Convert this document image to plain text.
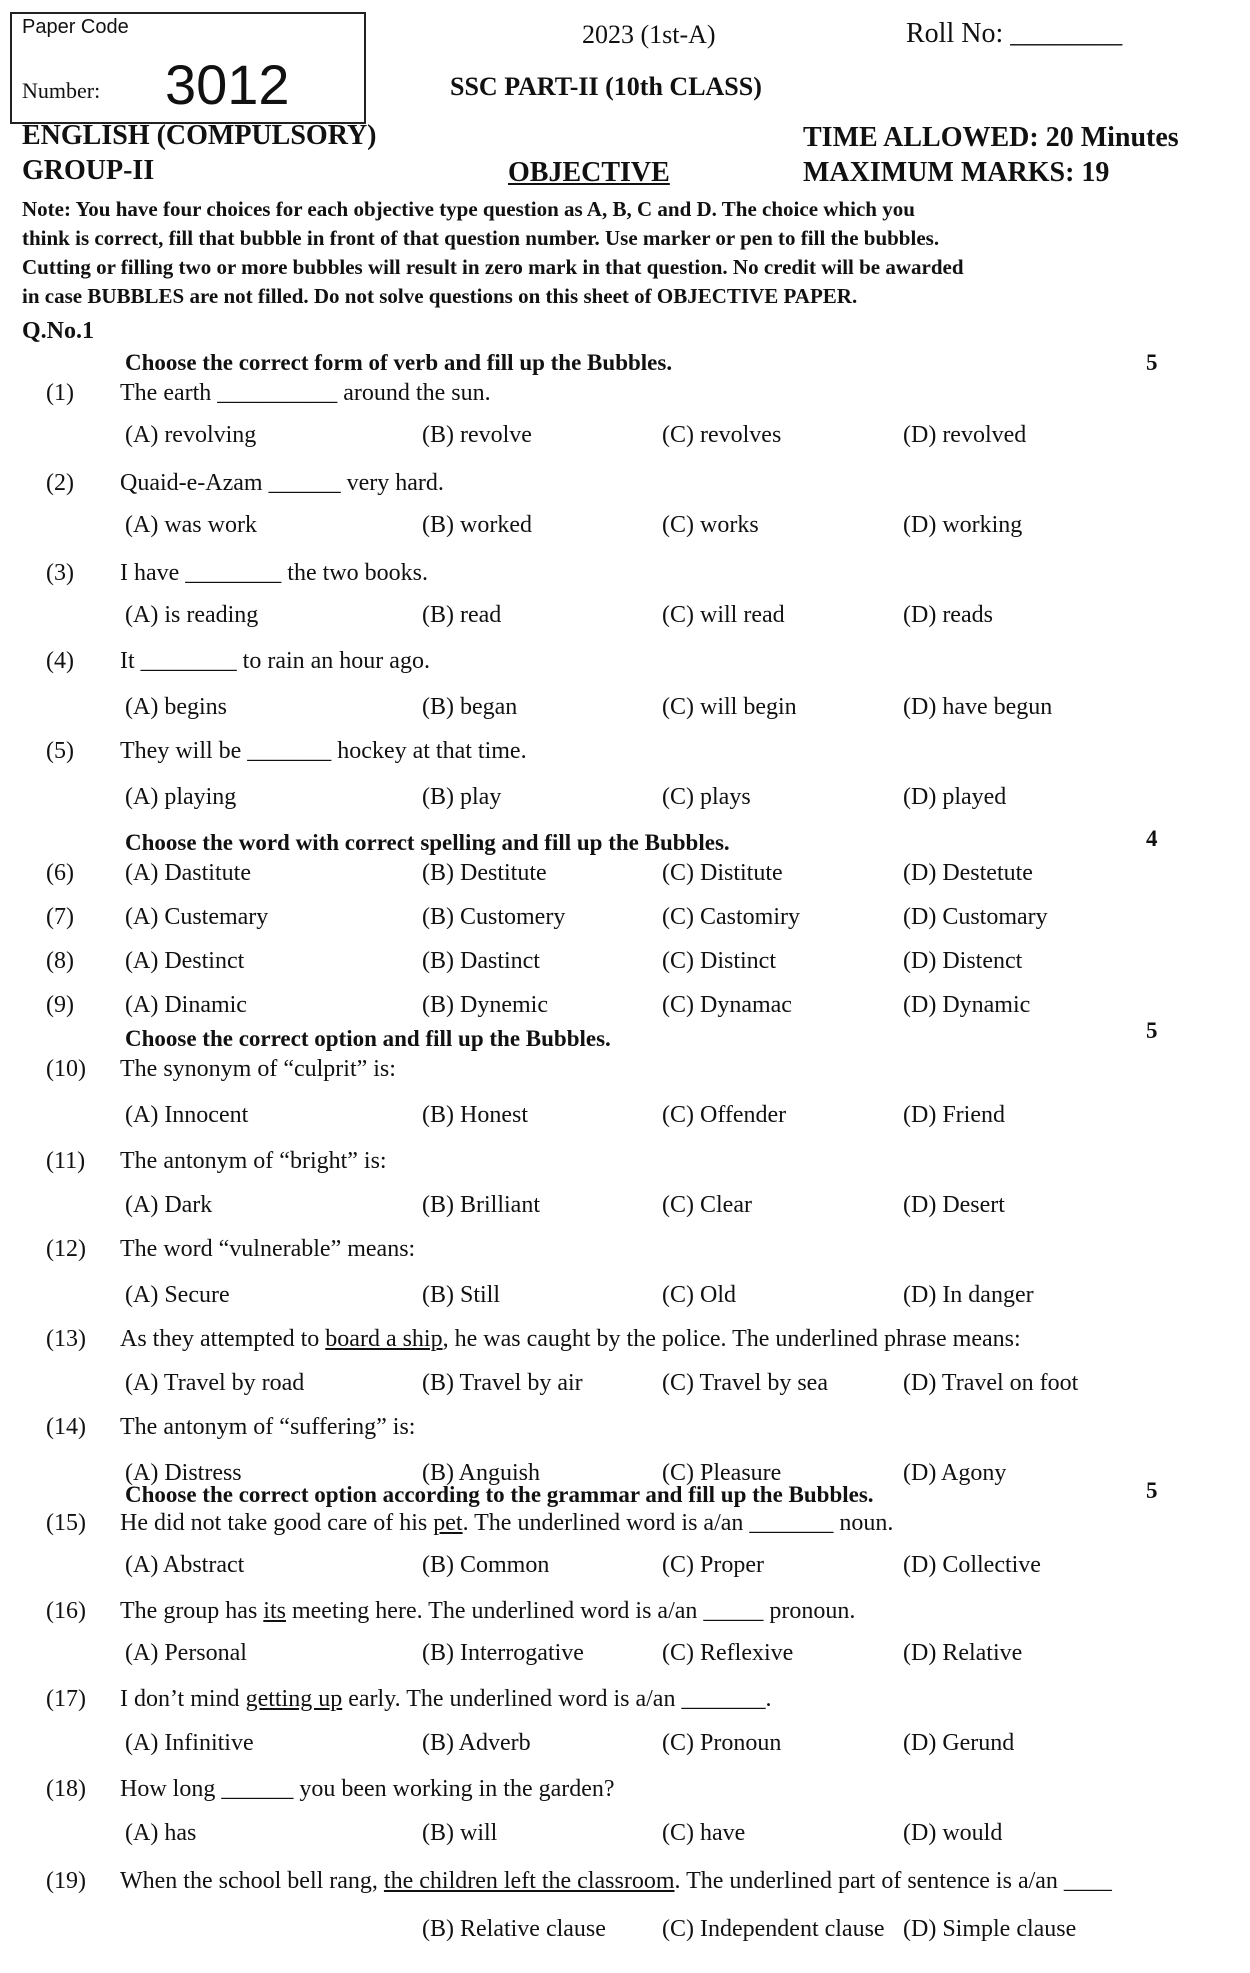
Paper Code
Number: 3012
2023 (1st-A)	Roll No: ________
SSC PART-II (10th CLASS)
ENGLISH (COMPULSORY)
GROUP-II	OBJECTIVE
TIME ALLOWED: 20 Minutes
MAXIMUM MARKS: 19
Note: You have four choices for each objective type question as A, B, C and D. The choice which you
think is correct, fill that bubble in front of that question number. Use marker or pen to fill the bubbles.
Cutting or filling two or more bubbles will result in zero mark in that question. No credit will be awarded
in case BUBBLES are not filled. Do not solve questions on this sheet of OBJECTIVE PAPER.
Q.No.1
Choose the correct form of verb and fill up the Bubbles.	5
Choose the word with correct spelling and fill up the Bubbles.	4
Choose the correct option and fill up the Bubbles.	5
Choose the correct option according to the grammar and fill up the Bubbles.	5
(1) The earth __________ around the sun.
(A) revolving	(B) revolve	(C) revolves	(D) revolved
(2) Quaid-e-Azam ______ very hard.
(A) was work	(B) worked	(C) works	(D) working
(3) I have ________ the two books.
(A) is reading	(B) read	(C) will read	(D) reads
(4) It ________ to rain an hour ago.
(A) begins	(B) began	(C) will begin	(D) have begun
(5) They will be _______ hockey at that time.
(A) playing	(B) play	(C) plays	(D) played
(6) (A) Dastitute	(B) Destitute	(C) Distitute	(D) Destetute
(7) (A) Custemary	(B) Customery	(C) Castomiry	(D) Customary
(8) (A) Destinct	(B) Dastinct	(C) Distinct	(D) Distenct
(9) (A) Dinamic	(B) Dynemic	(C) Dynamac	(D) Dynamic
(10) The synonym of “culprit” is:
(A) Innocent	(B) Honest	(C) Offender	(D) Friend
(11) The antonym of “bright” is:
(A) Dark	(B) Brilliant	(C) Clear	(D) Desert
(12) The word “vulnerable” means:
(A) Secure	(B) Still	(C) Old	(D) In danger
(13) As they attempted to board a ship, he was caught by the police. The underlined phrase means:
(A) Travel by road	(B) Travel by air	(C) Travel by sea	(D) Travel on foot
(14) The antonym of “suffering” is:
(A) Distress	(B) Anguish	(C) Pleasure	(D) Agony
(15) He did not take good care of his pet. The underlined word is a/an _______ noun.
(A) Abstract	(B) Common	(C) Proper	(D) Collective
(16) The group has its meeting here. The underlined word is a/an _____ pronoun.
(A) Personal	(B) Interrogative	(C) Reflexive	(D) Relative
(17) I don’t mind getting up early. The underlined word is a/an _______.
(A) Infinitive	(B) Adverb	(C) Pronoun	(D) Gerund
(18) How long ______ you been working in the garden?
(A) has	(B) will	(C) have	(D) would
(19) When the school bell rang, the children left the classroom. The underlined part of sentence is a/an ____
(B) Relative clause (C) Independent clause (D) Simple clause
